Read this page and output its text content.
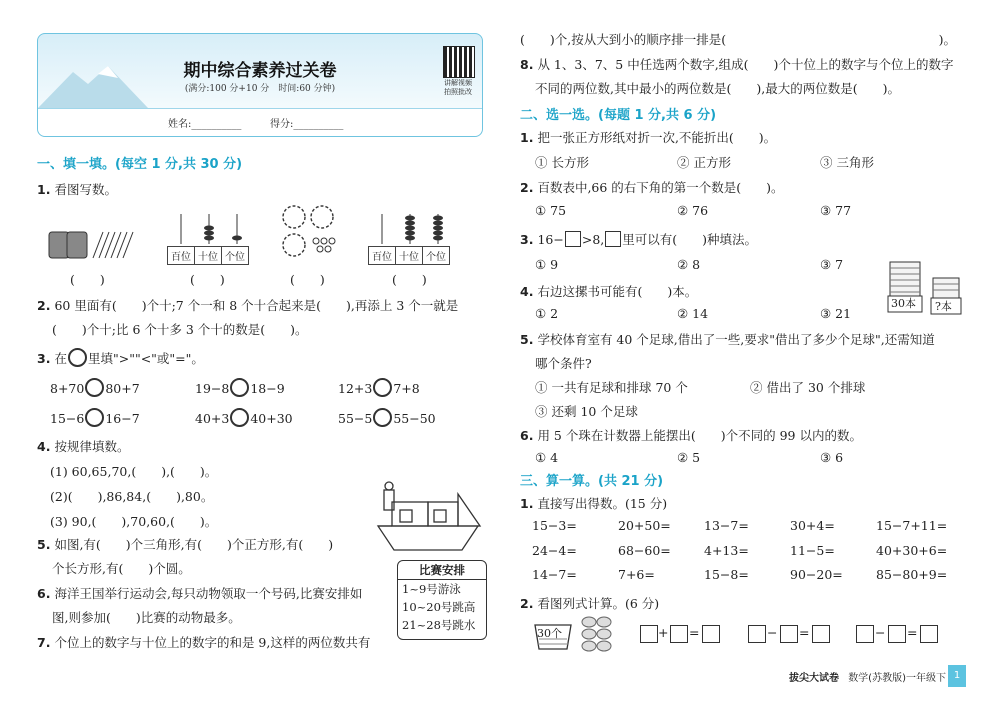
期中综合素养过关卷
(满分:100 分+10 分　时间:60 分钟)
讲解视频
拍照批改
姓名:__________	得分:__________
一、填一填。(每空 1 分,共 30 分)
1. 看图写数。
(　　)
百位	十位	个位
(　　)	(　　)
百位	十位	个位
(　　)
2. 60 里面有(　　)个十;7 个一和 8 个十合起来是(　　),再添上 3 个一就是
(　　)个十;比 6 个十多 3 个十的数是(　　)。
3. 在 里填">""<"或"="。
8+70 80+7	19−8 18−9	12+3 7+8
15−6 16−7	40+3 40+30	55−5 55−50
4. 按规律填数。
(1) 60,65,70,(　　),(　　)。
(2)(　　),86,84,(　　),80。
(3) 90,(　　),70,60,(　　)。
5. 如图,有(　　)个三角形,有(　　)个正方形,有(　　)
个长方形,有(　　)个圆。
6. 海洋王国举行运动会,每只动物领取一个号码,比赛安排如
图,则参加(　　)比赛的动物最多。
比赛安排
1~9号游泳
10~20号跳高
21~28号跳水
7. 个位上的数字与十位上的数字的和是 9,这样的两位数共有
(　　)个,按从大到小的顺序排一排是(　　　　　　　　　　　　　　　　　)。
8. 从 1、3、7、5 中任选两个数字,组成(　　)个十位上的数字与个位上的数字
不同的两位数,其中最小的两位数是(　　),最大的两位数是(　　)。
二、选一选。(每题 1 分,共 6 分)
1. 把一张正方形纸对折一次,不能折出(　　)。
① 长方形	② 正方形	③ 三角形
2. 百数表中,66 的右下角的第一个数是(　　)。
① 75	② 76	③ 77
3. 16− >8, 里可以有(　　)种填法。
① 9	② 8	③ 7
4. 右边这摞书可能有(　　)本。
① 2	② 14	③ 21
30本 ?本
5. 学校体育室有 40 个足球,借出了一些,要求"借出了多少个足球",还需知道
哪个条件?
① 一共有足球和排球 70 个	② 借出了 30 个排球
③ 还剩 10 个足球
6. 用 5 个珠在计数器上能摆出(　　)个不同的 99 以内的数。
① 4	② 5	③ 6
三、算一算。(共 21 分)
1. 直接写出得数。(15 分)
15−3=	20+50=	13−7=	30+4=	15−7+11=
24−4=	68−60=	4+13=	11−5=	40+30+6=
14−7=	7+6=	15−8=	90−20=	85−80+9=
2. 看图列式计算。(6 分)
30个	+ =	− =	− =
拔尖大试卷 数学(苏教版)一年级下 1
